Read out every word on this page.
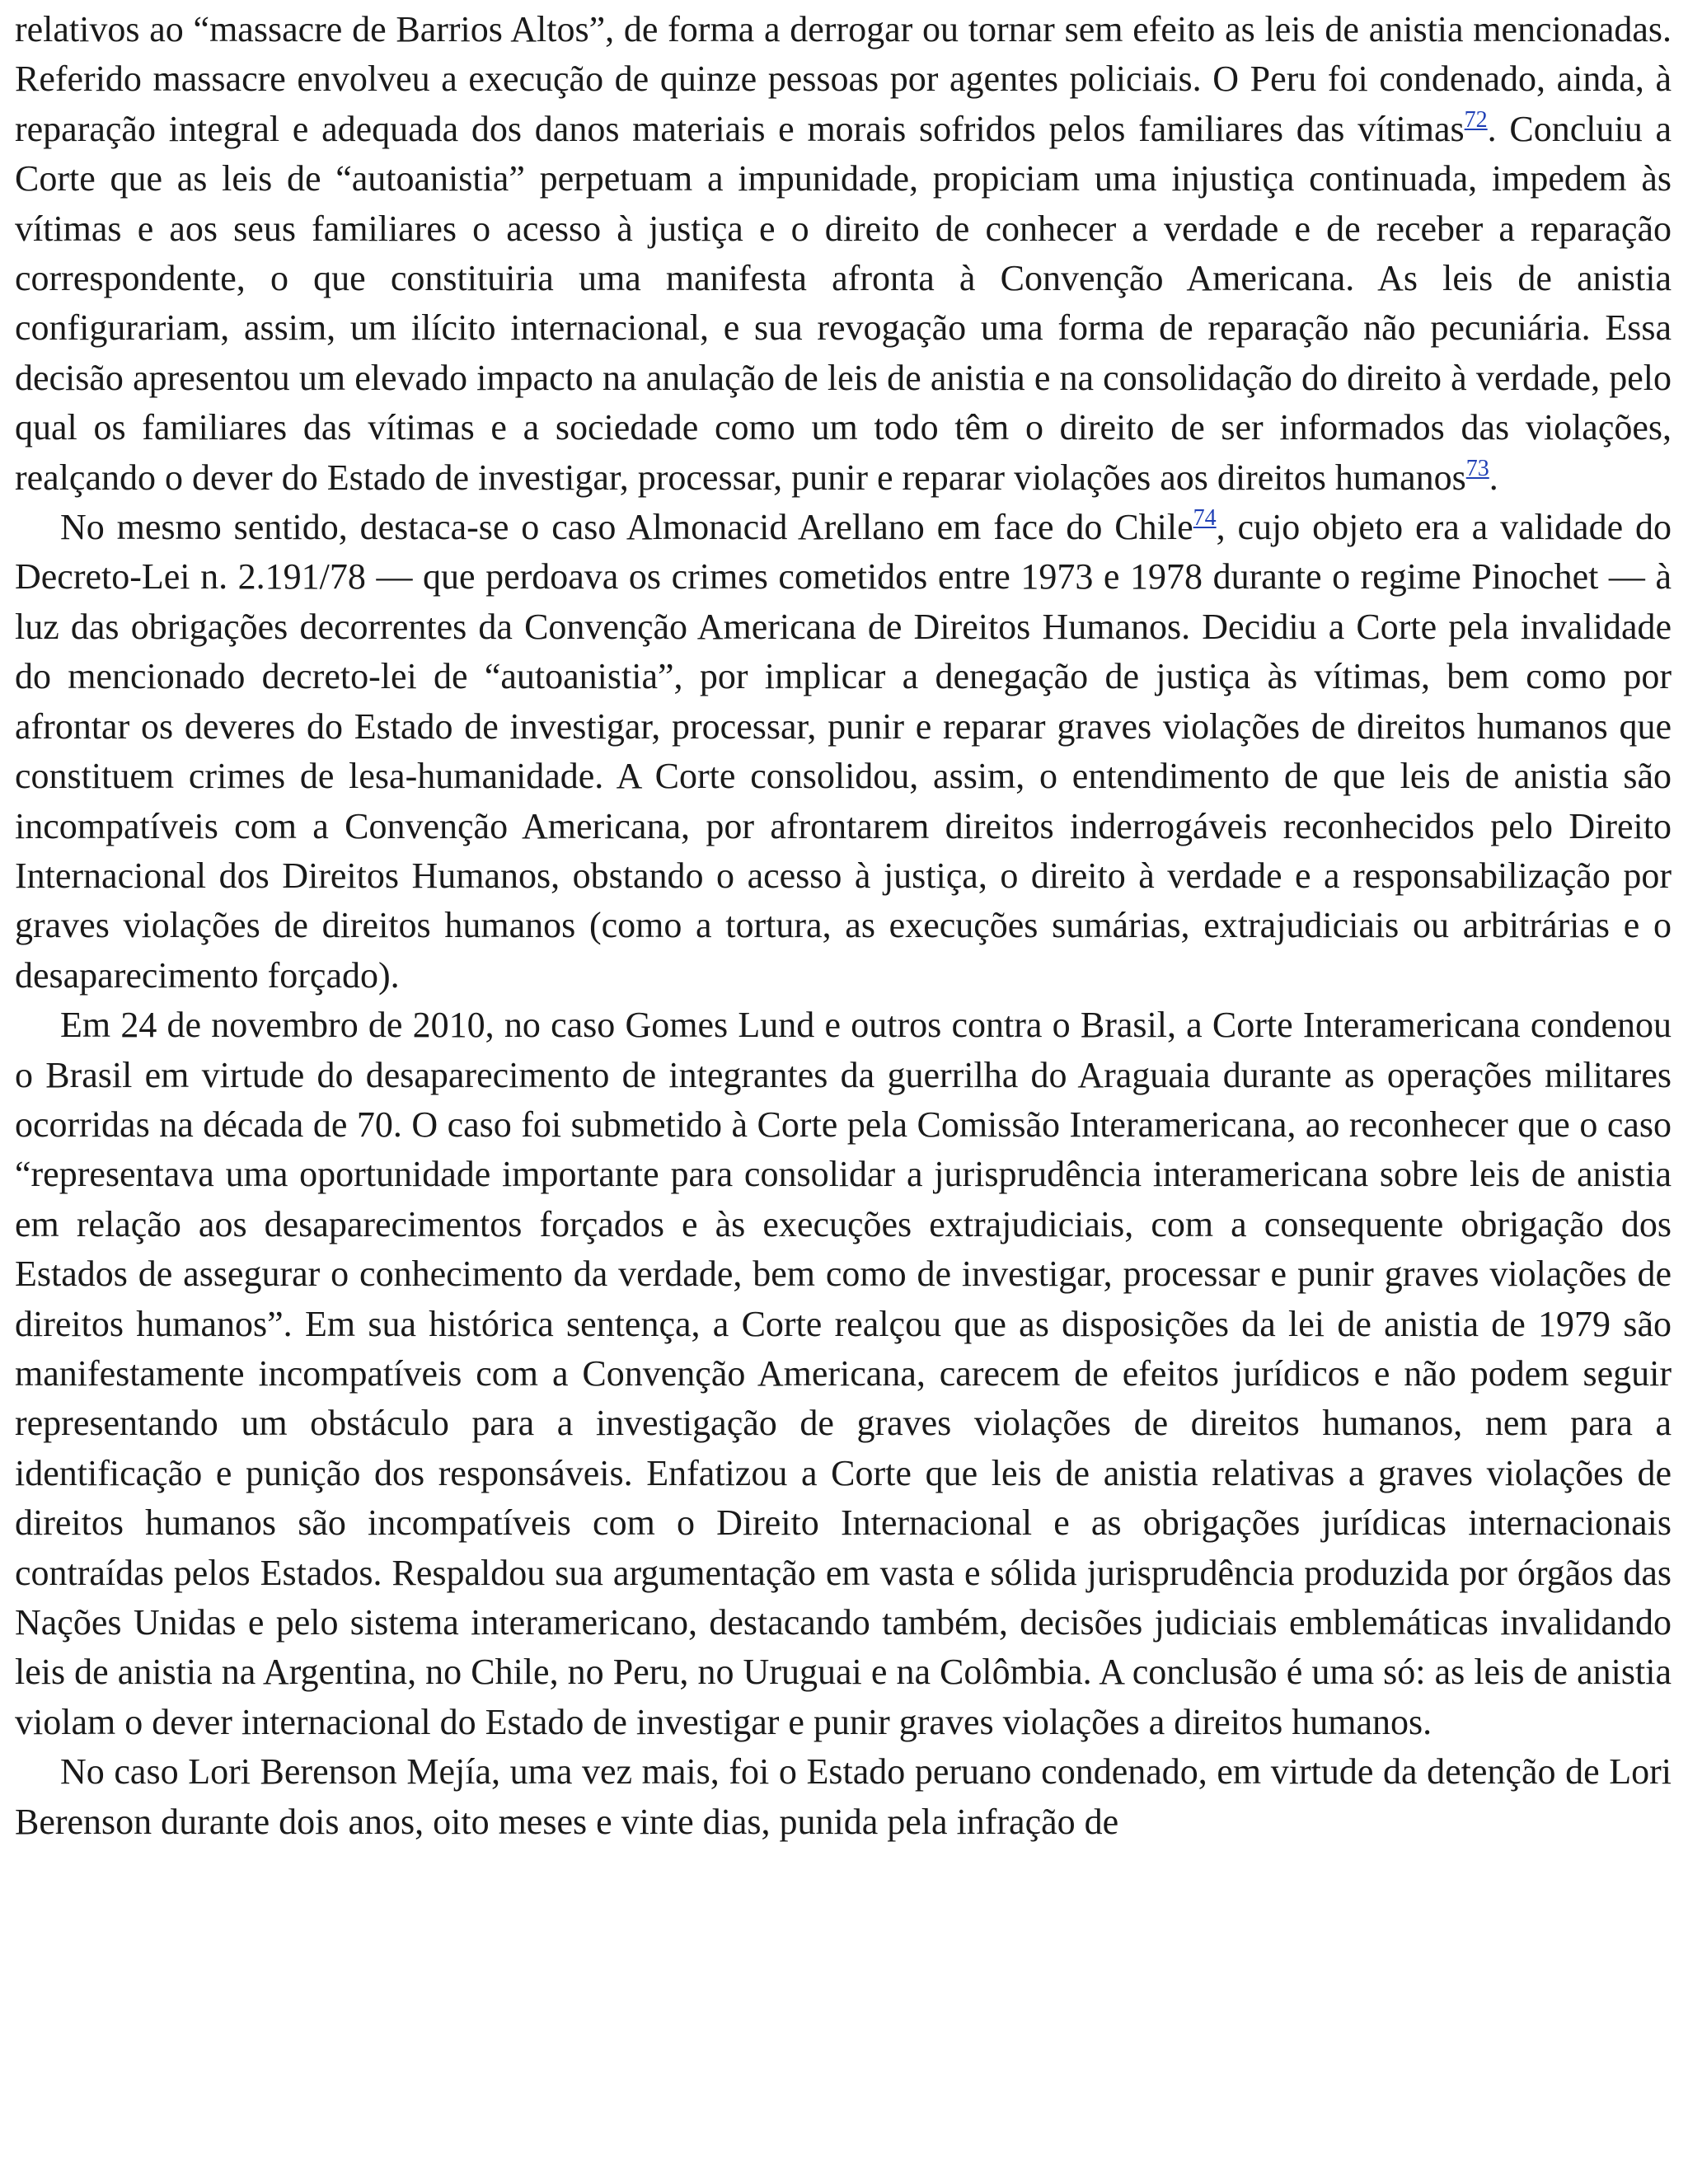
relativos ao “massacre de Barrios Altos”, de forma a derrogar ou tornar sem efeito as leis de anistia mencionadas. Referido massacre envolveu a execução de quinze pessoas por agentes policiais. O Peru foi condenado, ainda, à reparação integral e adequada dos danos materiais e morais sofridos pelos familiares das vítimas$^{72}$. Concluiu a Corte que as leis de “autoanistia” perpetuam a impunidade, propiciam uma injustiça continuada, impedem às vítimas e aos seus familiares o acesso à justiça e o direito de conhecer a verdade e de receber a reparação correspondente, o que constituiria uma manifesta afronta à Convenção Americana. As leis de anistia configurariam, assim, um ilícito internacional, e sua revogação uma forma de reparação não pecuniária. Essa decisão apresentou um elevado impacto na anulação de leis de anistia e na consolidação do direito à verdade, pelo qual os familiares das vítimas e a sociedade como um todo têm o direito de ser informados das violações, realçando o dever do Estado de investigar, processar, punir e reparar violações aos direitos humanos$^{73}$.

No mesmo sentido, destaca-se o caso Almonacid Arellano em face do Chile$^{74}$, cujo objeto era a validade do Decreto-Lei n. 2.191/78 — que perdoava os crimes cometidos entre 1973 e 1978 durante o regime Pinochet — à luz das obrigações decorrentes da Convenção Americana de Direitos Humanos. Decidiu a Corte pela invalidade do mencionado decreto-lei de “autoanistia”, por implicar a denegação de justiça às vítimas, bem como por afrontar os deveres do Estado de investigar, processar, punir e reparar graves violações de direitos humanos que constituem crimes de lesa-humanidade. A Corte consolidou, assim, o entendimento de que leis de anistia são incompatíveis com a Convenção Americana, por afrontarem direitos inderrogáveis reconhecidos pelo Direito Internacional dos Direitos Humanos, obstando o acesso à justiça, o direito à verdade e a responsabilização por graves violações de direitos humanos (como a tortura, as execuções sumárias, extrajudiciais ou arbitrárias e o desaparecimento forçado).

Em 24 de novembro de 2010, no caso Gomes Lund e outros contra o Brasil, a Corte Interamericana condenou o Brasil em virtude do desaparecimento de integrantes da guerrilha do Araguaia durante as operações militares ocorridas na década de 70. O caso foi submetido à Corte pela Comissão Interamericana, ao reconhecer que o caso “representava uma oportunidade importante para consolidar a jurisprudência interamericana sobre leis de anistia em relação aos desaparecimentos forçados e às execuções extrajudiciais, com a consequente obrigação dos Estados de assegurar o conhecimento da verdade, bem como de investigar, processar e punir graves violações de direitos humanos”. Em sua histórica sentença, a Corte realçou que as disposições da lei de anistia de 1979 são manifestamente incompatíveis com a Convenção Americana, carecem de efeitos jurídicos e não podem seguir representando um obstáculo para a investigação de graves violações de direitos humanos, nem para a identificação e punição dos responsáveis. Enfatizou a Corte que leis de anistia relativas a graves violações de direitos humanos são incompatíveis com o Direito Internacional e as obrigações jurídicas internacionais contraídas pelos Estados. Respaldou sua argumentação em vasta e sólida jurisprudência produzida por órgãos das Nações Unidas e pelo sistema interamericano, destacando também, decisões judiciais emblemáticas invalidando leis de anistia na Argentina, no Chile, no Peru, no Uruguai e na Colômbia. A conclusão é uma só: as leis de anistia violam o dever internacional do Estado de investigar e punir graves violações a direitos humanos.

No caso Lori Berenson Mejía, uma vez mais, foi o Estado peruano condenado, em virtude da detenção de Lori Berenson durante dois anos, oito meses e vinte dias, punida pela infração de
